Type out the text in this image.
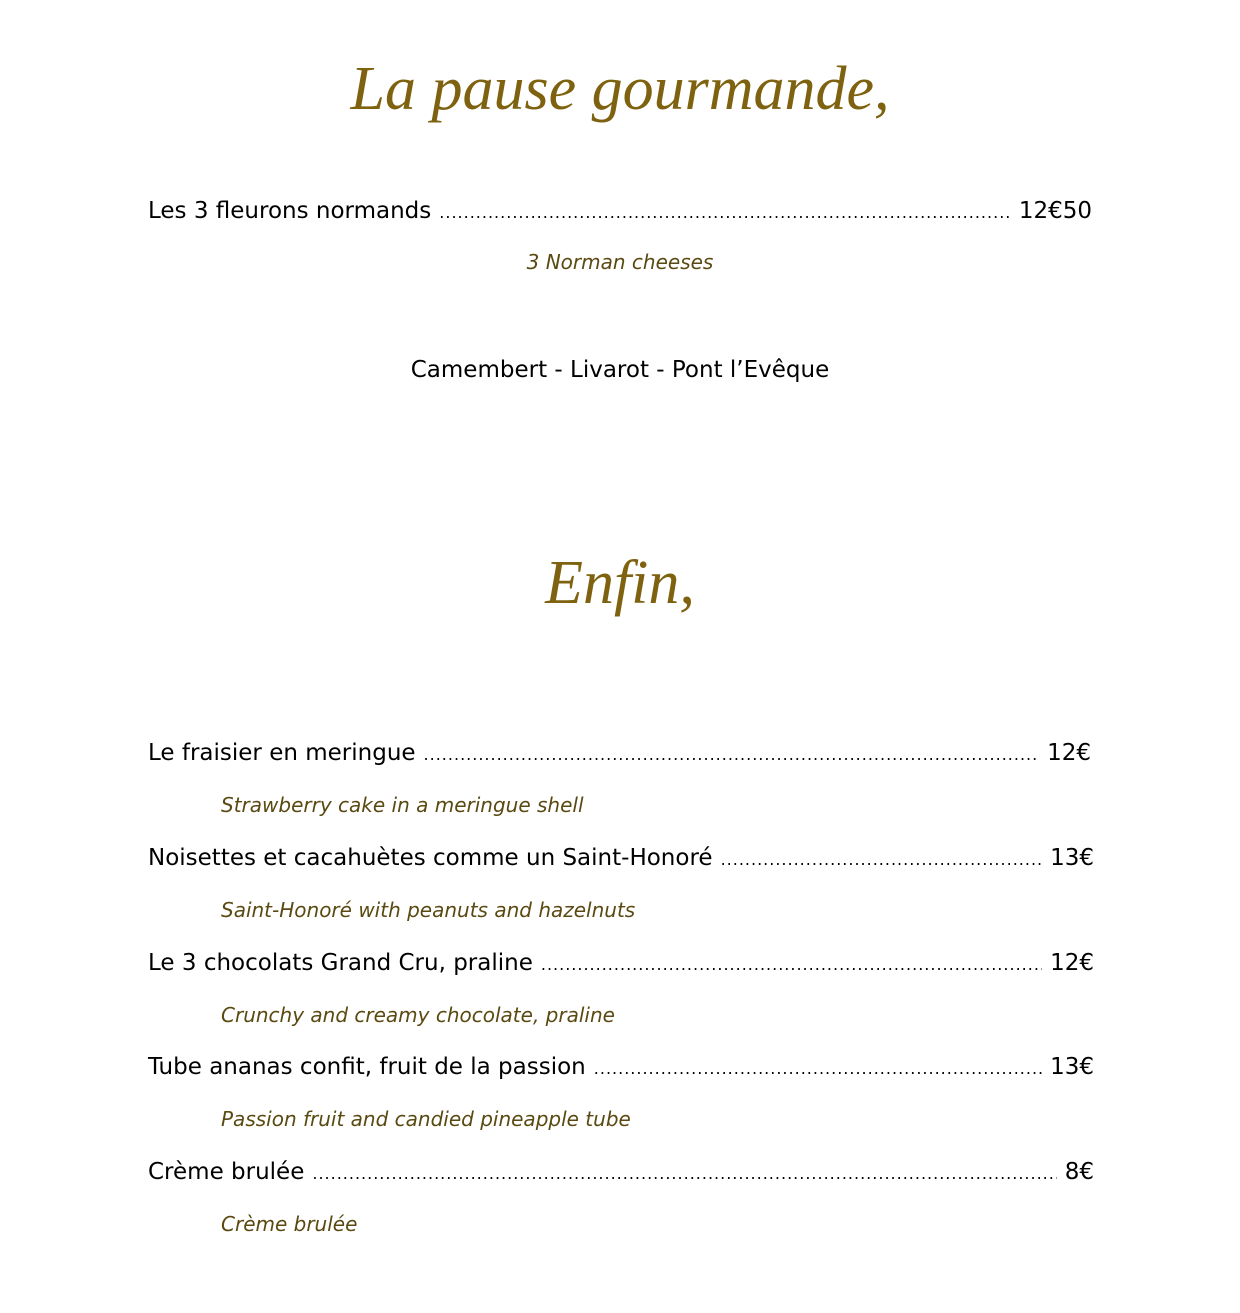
La pause gourmande,
Les 3 fleurons normands .....	12€50
3 Norman cheeses
Camembert - Livarot - Pont l’Evêque
Enfin,
Le fraisier en meringue .....	12€
Strawberry cake in a meringue shell
Noisettes et cacahuètes comme un Saint-Honoré .....	13€
Saint-Honoré with peanuts and hazelnuts
Le 3 chocolats Grand Cru, praline .....	12€
Crunchy and creamy chocolate, praline
Tube ananas confit, fruit de la passion .....	13€
Passion fruit and candied pineapple tube
Crème brulée .....	8€
Crème brulée
